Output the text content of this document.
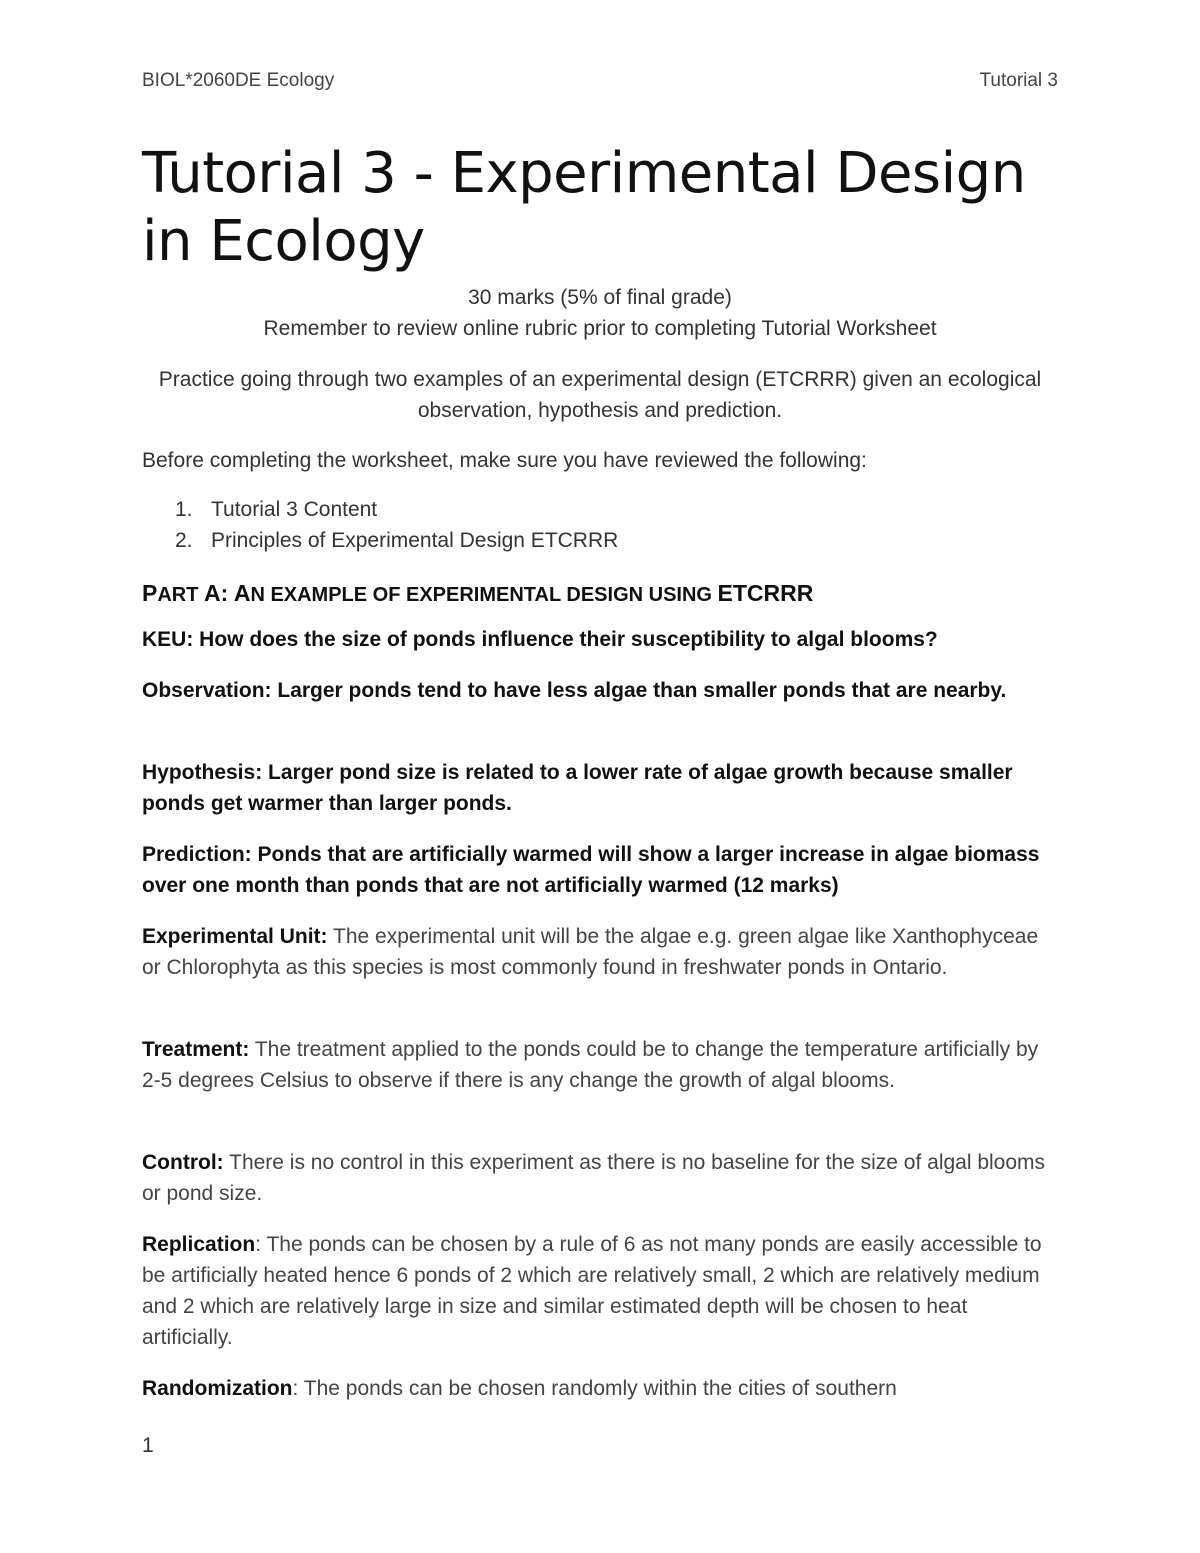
BIOL*2060DE Ecology	Tutorial 3
Tutorial 3 - Experimental Design in Ecology
30 marks (5% of final grade)
Remember to review online rubric prior to completing Tutorial Worksheet
Practice going through two examples of an experimental design (ETCRRR) given an ecological observation, hypothesis and prediction.
Before completing the worksheet, make sure you have reviewed the following:
1. Tutorial 3 Content
2. Principles of Experimental Design ETCRRR
PART A: AN EXAMPLE OF EXPERIMENTAL DESIGN USING ETCRRR
KEU: How does the size of ponds influence their susceptibility to algal blooms?
Observation: Larger ponds tend to have less algae than smaller ponds that are nearby.
Hypothesis: Larger pond size is related to a lower rate of algae growth because smaller ponds get warmer than larger ponds.
Prediction: Ponds that are artificially warmed will show a larger increase in algae biomass over one month than ponds that are not artificially warmed (12 marks)
Experimental Unit: The experimental unit will be the algae e.g. green algae like Xanthophyceae or Chlorophyta as this species is most commonly found in freshwater ponds in Ontario.
Treatment: The treatment applied to the ponds could be to change the temperature artificially by 2-5 degrees Celsius to observe if there is any change the growth of algal blooms.
Control: There is no control in this experiment as there is no baseline for the size of algal blooms or pond size.
Replication: The ponds can be chosen by a rule of 6 as not many ponds are easily accessible to be artificially heated hence 6 ponds of 2 which are relatively small, 2 which are relatively medium and 2 which are relatively large in size and similar estimated depth will be chosen to heat artificially.
Randomization: The ponds can be chosen randomly within the cities of southern
1
